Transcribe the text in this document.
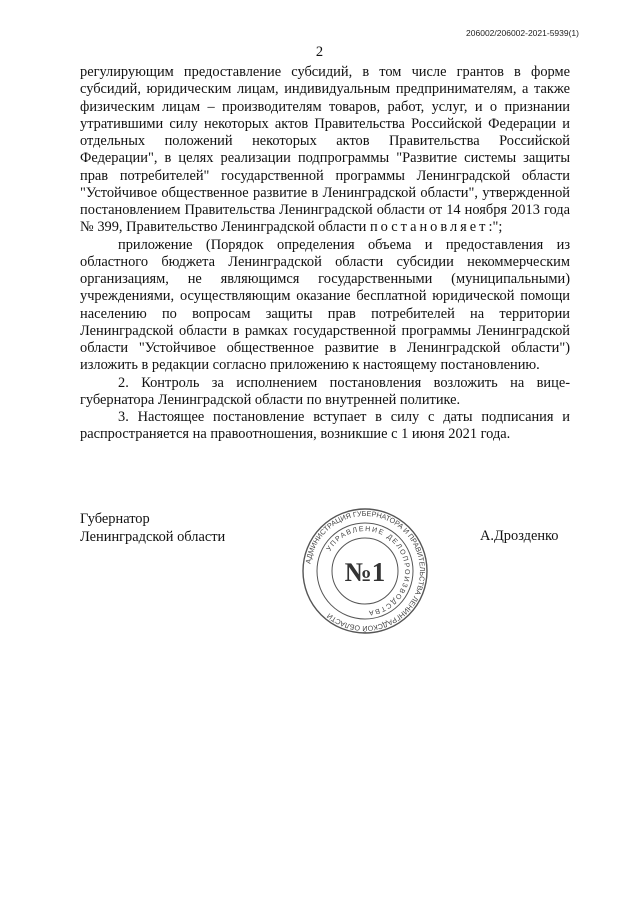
206002/206002-2021-5939(1)
2

регулирующим предоставление субсидий, в том числе грантов в форме субсидий, юридическим лицам, индивидуальным предпринимателям, а также физическим лицам – производителям товаров, работ, услуг, и о признании утратившими силу некоторых актов Правительства Российской Федерации и отдельных положений некоторых актов Правительства Российской Федерации", в целях реализации подпрограммы "Развитие системы защиты прав потребителей" государственной программы Ленинградской области "Устойчивое общественное развитие в Ленинградской области", утвержденной постановлением Правительства Ленинградской области от 14 ноября 2013 года № 399, Правительство Ленинградской области постановляет:";

приложение (Порядок определения объема и предоставления из областного бюджета Ленинградской области субсидии некоммерческим организациям, не являющимся государственными (муниципальными) учреждениями, осуществляющим оказание бесплатной юридической помощи населению по вопросам защиты прав потребителей на территории Ленинградской области в рамках государственной программы Ленинградской области "Устойчивое общественное развитие в Ленинградской области") изложить в редакции согласно приложению к настоящему постановлению.

2. Контроль за исполнением постановления возложить на вице-губернатора Ленинградской области по внутренней политике.

3. Настоящее постановление вступает в силу с даты подписания и распространяется на правоотношения, возникшие с 1 июня 2021 года.

Губернатор
Ленинградской области
АДМИНИСТРАЦИЯ ГУБЕРНАТОРА И ПРАВИТЕЛЬСТВА ЛЕНИНГРАДСКОЙ ОБЛАСТИ
УПРАВЛЕНИЕ ДЕЛОПРОИЗВОДСТВА
№1
А.Дрозденко
